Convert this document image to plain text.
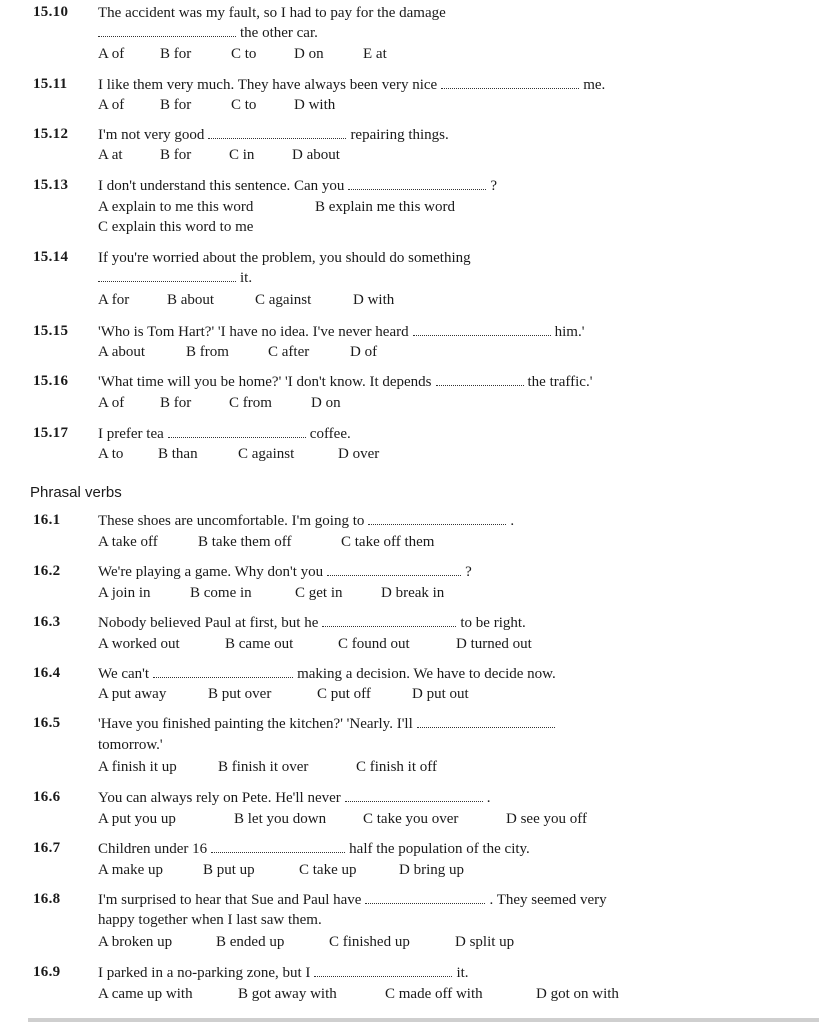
15.10 The accident was my fault, so I had to pay for the damage
the other car.
A of B for	C to	D on	E at
15.11 I like them very much. They have always been very nice	me.
A of B for	C to	D with
15.12 I'm not very good	repairing things.
A at B for	C in	D about
15.13 I don't understand this sentence. Can you	?
A explain to me this word	B explain me this word
C explain this word to me
15.14 If you're worried about the problem, you should do something
it.
A for	B about	C against	D with
15.15 'Who is Tom Hart?' 'I have no idea. I've never heard	him.'
A about	B from	C after	D of
15.16 'What time will you be home?' 'I don't know. It depends	the traffic.'
A of B for	C from	D on
15.17 I prefer tea	coffee.
A to B than	C against	D over
Phrasal verbs
16.1	These shoes are uncomfortable. I'm going to	.
A take off	B take them off	C take off them
16.2	We're playing a game. Why don't you	?
A join in	B come in	C get in	D break in
16.3	Nobody believed Paul at first, but he	to be right.
A worked out	B came out	C found out	D turned out
16.4	We can't	making a decision. We have to decide now.
A put away	B put over	C put off	D put out
16.5	'Have you finished painting the kitchen?' 'Nearly. I'll
tomorrow.'
A finish it up	B finish it over	C finish it off
16.6	You can always rely on Pete. He'll never	.
A put you up	B let you down C take you over	D see you off
16.7	Children under 16	half the population of the city.
A make up	B put up	C take up	D bring up
16.8	I'm surprised to hear that Sue and Paul have	. They seemed very
happy together when I last saw them.
A broken up	B ended up	C finished up	D split up
16.9	I parked in a no-parking zone, but I	it.
A came up with	B got away with	C made off with	D got on with
